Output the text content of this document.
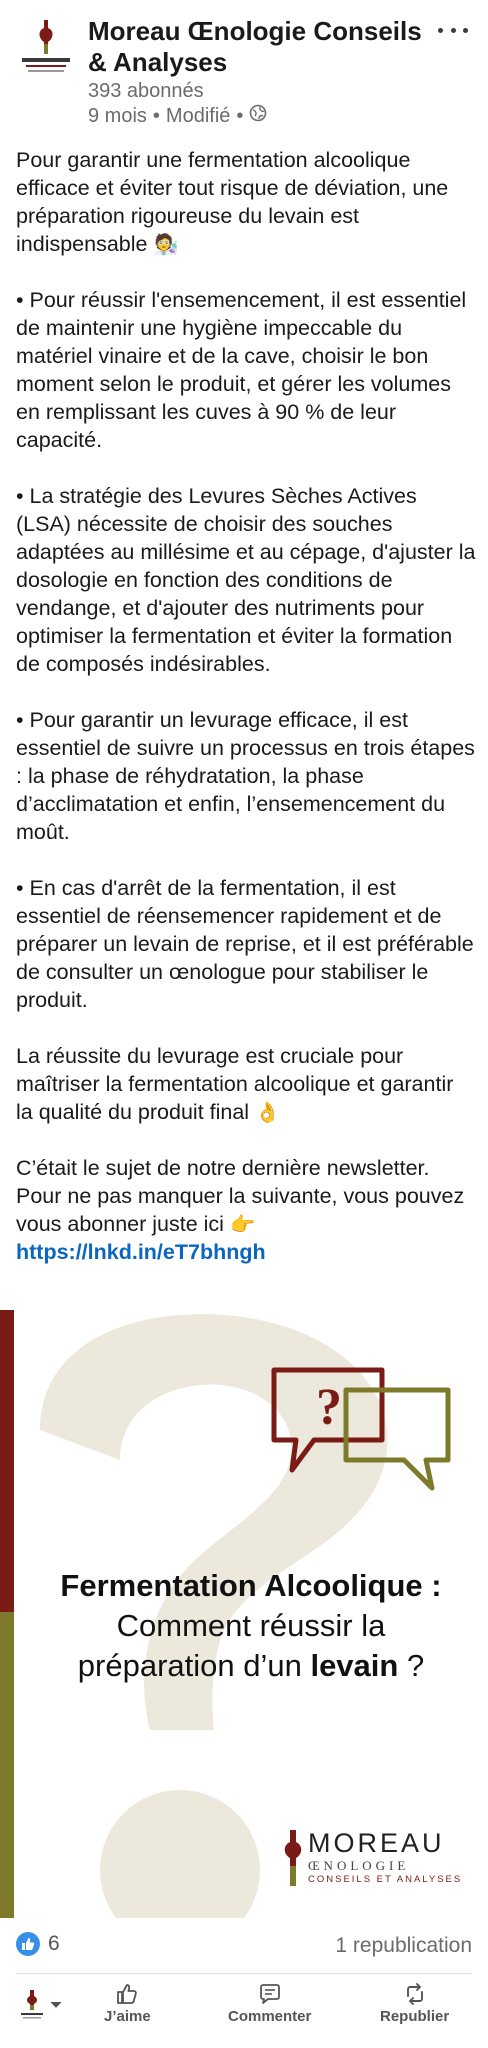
Moreau Œnologie Conseils & Analyses
393 abonnés
9 mois • Modifié •

Pour garantir une fermentation alcoolique efficace et éviter tout risque de déviation, une préparation rigoureuse du levain est indispensable 🧑‍🔬

• Pour réussir l'ensemencement, il est essentiel de maintenir une hygiène impeccable du matériel vinaire et de la cave, choisir le bon moment selon le produit, et gérer les volumes en remplissant les cuves à 90 % de leur capacité.

• La stratégie des Levures Sèches Actives (LSA) nécessite de choisir des souches adaptées au millésime et au cépage, d'ajuster la dosologie en fonction des conditions de vendange, et d'ajouter des nutriments pour optimiser la fermentation et éviter la formation de composés indésirables.

• Pour garantir un levurage efficace, il est essentiel de suivre un processus en trois étapes : la phase de réhydratation, la phase d’acclimatation et enfin, l’ensemencement du moût.

• En cas d'arrêt de la fermentation, il est essentiel de réensemencer rapidement et de préparer un levain de reprise, et il est préférable de consulter un œnologue pour stabiliser le produit.

La réussite du levurage est cruciale pour maîtriser la fermentation alcoolique et garantir la qualité du produit final 👌

C’était le sujet de notre dernière newsletter. Pour ne pas manquer la suivante, vous pouvez vous abonner juste ici 👉 https://lnkd.in/eT7bhngh

?
Fermentation Alcoolique :
Comment réussir la
préparation d’un levain ?
MOREAU
ŒNOLOGIE
CONSEILS ET ANALYSES
6	1 republication
J’aime	Commenter	Republier
